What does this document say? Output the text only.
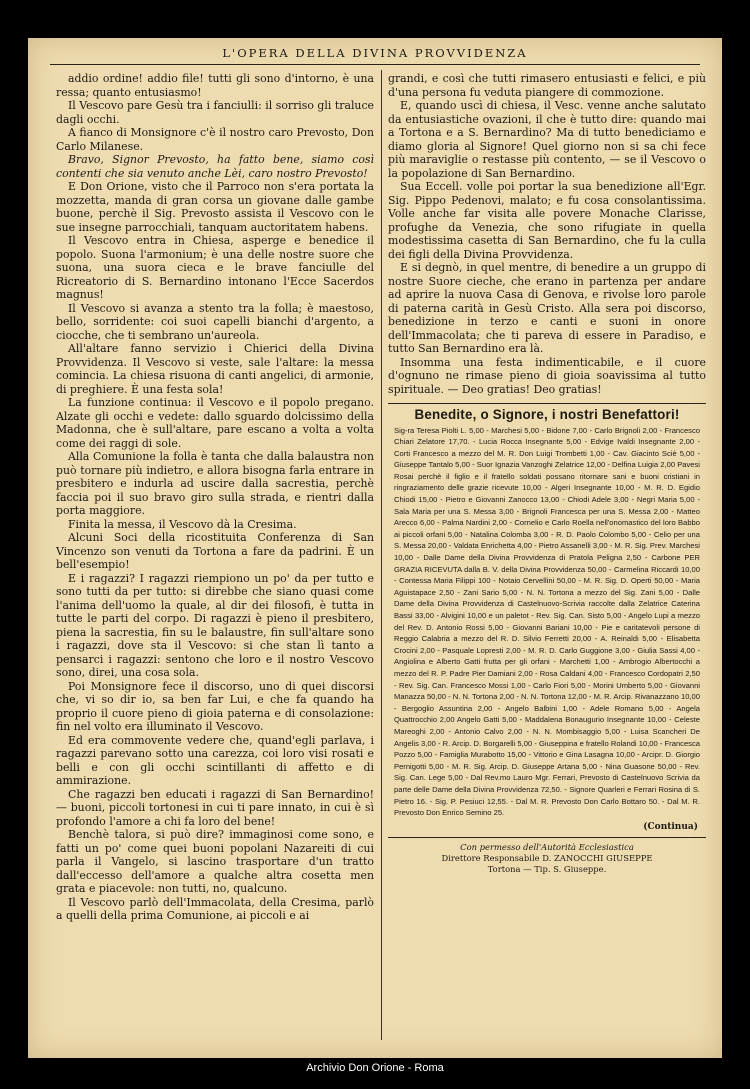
L'OPERA DELLA DIVINA PROVVIDENZA

addio ordine! addio file! tutti gli sono d'intorno, è una ressa; quanto entusiasmo!

Il Vescovo pare Gesù tra i fanciulli: il sorriso gli traluce dagli occhi.

A fianco di Monsignore c'è il nostro caro Prevosto, Don Carlo Milanese.

Bravo, Signor Prevosto, ha fatto bene, siamo così contenti che sia venuto anche Lèi, caro nostro Prevosto!

E Don Orione, visto che il Parroco non s'era portata la mozzetta, manda di gran corsa un giovane dalle gambe buone, perchè il Sig. Prevosto assista il Vescovo con le sue insegne parrocchiali, tanquam auctoritatem habens.

Il Vescovo entra in Chiesa, asperge e benedice il popolo. Suona l'armonium; è una delle nostre suore che suona, una suora cieca e le brave fanciulle del Ricreatorio di S. Bernardino intonano l'Ecce Sacerdos magnus!

Il Vescovo si avanza a stento tra la folla; è maestoso, bello, sorridente: coi suoi capelli bianchi d'argento, a ciocche, che ti sembrano un'aureola.

All'altare fanno servizio i Chierici della Divina Provvidenza. Il Vescovo si veste, sale l'altare: la messa comincia. La chiesa risuona di canti angelici, di armonie, di preghiere. È una festa sola!

La funzione continua: il Vescovo e il popolo pregano. Alzate gli occhi e vedete: dallo sguardo dolcissimo della Madonna, che è sull'altare, pare escano a volta a volta come dei raggi di sole.

Alla Comunione la folla è tanta che dalla balaustra non può tornare più indietro, e allora bisogna farla entrare in presbitero e indurla ad uscire dalla sacrestia, perchè faccia poi il suo bravo giro sulla strada, e rientri dalla porta maggiore.

Finita la messa, il Vescovo dà la Cresima.

Alcuni Soci della ricostituita Conferenza di San Vincenzo son venuti da Tortona a fare da padrini. È un bell'esempio!

E i ragazzi? I ragazzi riempiono un po' da per tutto e sono tutti da per tutto: si direbbe che siano quasi come l'anima dell'uomo la quale, al dir dei filosofi, è tutta in tutte le parti del corpo. Di ragazzi è pieno il presbitero, piena la sacrestia, fin su le balaustre, fin sull'altare sono i ragazzi, dove sta il Vescovo: si che stan lì tanto a pensarci i ragazzi: sentono che loro e il nostro Vescovo sono, direi, una cosa sola.

Poi Monsignore fece il discorso, uno di quei discorsi che, vi so dir io, sa ben far Lui, e che fa quando ha proprio il cuore pieno di gioia paterna e di consolazione: fin nel volto era illuminato il Vescovo.

Ed era commovente vedere che, quand'egli parlava, i ragazzi parevano sotto una carezza, coi loro visi rosati e belli e con gli occhi scintillanti di affetto e di ammirazione.

Che ragazzi ben educati i ragazzi di San Bernardino! — buoni, piccoli tortonesi in cui ti pare innato, in cui è sì profondo l'amore a chi fa loro del bene!

Benchè talora, si può dire? immaginosi come sono, e fatti un po' come quei buoni popolani Nazareiti di cui parla il Vangelo, si lascino trasportare d'un tratto dall'eccesso dell'amore a qualche altra cosetta men grata e piacevole: non tutti, no, qualcuno.

Il Vescovo parlò dell'Immacolata, della Cresima, parlò a quelli della prima Comunione, ai piccoli e ai

grandi, e così che tutti rimasero entusiasti e felici, e più d'una persona fu veduta piangere di commozione.

E, quando uscì di chiesa, il Vesc. venne anche salutato da entusiastiche ovazioni, il che è tutto dire: quando mai a Tortona e a S. Bernardino? Ma di tutto benediciamo e diamo gloria al Signore! Quel giorno non si sa chi fece più maraviglie o restasse più contento, — se il Vescovo o la popolazione di San Bernardino.

Sua Eccell. volle poi portar la sua benedizione all'Egr. Sig. Pippo Pedenovi, malato; e fu cosa consolantissima. Volle anche far visita alle povere Monache Clarisse, profughe da Venezia, che sono rifugiate in quella modestissima casetta di San Bernardino, che fu la culla dei figli della Divina Provvidenza.

E si degnò, in quel mentre, di benedire a un gruppo di nostre Suore cieche, che erano in partenza per andare ad aprire la nuova Casa di Genova, e rivolse loro parole di paterna carità in Gesù Cristo. Alla sera poi discorso, benedizione in terzo e canti e suoni in onore dell'Immacolata; che ti pareva di essere in Paradiso, e tutto San Bernardino era là.

Insomma una festa indimenticabile, e il cuore d'ognuno ne rimase pieno di gioia soavissima al tutto spirituale. — Deo gratias! Deo gratias!

Benedite, o Signore, i nostri Benefattori!
Sig-ra Teresa Piolti L. 5,00 - Marchesi 5,00 - Bidone 7,00 - Carlo Brignoli 2,00 - Francesco Chiari Zelatore 17,70. - Lucia Rocca Insegnante 5,00 - Edvige Ivaldi Insegnante 2,00 - Corti Francesco a mezzo del M. R. Don Luigi Trombetti 1,00 - Cav. Giacinto Sciè 5,00 - Giuseppe Tantalo 5,00 - Suor Ignazia Vanzoghi Zelatrice 12,00 - Delfina Luigia 2,00 Pavesi Rosai perchè il figlio e il fratello soldati possano ritornare sani e buoni cristiani in ringraziamento delle grazie ricevute 10,00 - Algeri Insegnante 10,00 - M. R. D. Egidio Chiodi 15,00 - Pietro e Giovanni Zanocco 13,00 - Chiodi Adele 3,00 - Negri Maria 5,00 - Sala Maria per una S. Messa 3,00 - Brignoli Francesca per una S. Messa 2,00 - Matteo Arecco 6,00 - Palma Nardini 2,00 - Cornelio e Carlo Roella nell'onomastico del loro Babbo ai piccoli orfani 5,00 - Natalina Colomba 3,00 - R. D. Paolo Colombo 5,00 - Celio per una S. Messa 20,00 - Valdata Enrichetta 4,00 - Pietro Assanelli 3,00 - M. R. Sig. Prev. Marchesi 10,00 - Dalle Dame della Divina Provvidenza di Pratola Peligna 2,50 - Carbone PER GRAZIA RICEVUTA dalla B. V. della Divina Provvidenza 50,00 - Carmelina Riccardi 10,00 - Contessa Maria Filippi 100 - Notaio Cervellini 50,00 - M. R. Sig. D. Operti 50,00 - Maria Aguistapace 2,50 - Zani Sario 5,00 - N. N. Tortona a mezzo del Sig. Zani 5,00 - Dalle Dame della Divina Provvidenza di Castelnuovo-Scrivia raccolte dalla Zelatrice Caterina Bassi 33,00 - Alvigini 10,00 e un paletot - Rev. Sig. Can. Sisto 5,00 - Angelo Lupi a mezzo del Rev. D. Antonio Rossi 5,00 - Giovanni Bariani 10,00 - Pie e caritatevoli persone di Reggio Calabria a mezzo del R. D. Silvio Ferretti 20,00 - A. Reinaldi 5,00 - Elisabetta Crocini 2,00 - Pasquale Lopresti 2,00 - M. R. D. Carlo Guggione 3,00 - Giulia Sassi 4,00 - Angiolina e Alberto Gatti frutta per gli orfani - Marchetti 1,00 - Ambrogio Albertocchi a mezzo del R. P. Padre Pier Damiani 2,00 - Rosa Caldani 4,00 - Francesco Cordopatri 2,50 - Rev. Sig. Can. Francesco Mossi 1,00 - Carlo Fiori 5,00 - Morini Umberto 5,00 - Giovanni Manazza 50,00 - N. N. Tortona 2,00 - N. N. Tortona 12,00 - M. R. Arcip. Rivanazzano 10,00 - Bergoglio Assuntina 2,00 - Angelo Balbini 1,00 - Adele Romano 5,00 - Angela Quattrocchio 2,00 Angelo Gatti 5,00 - Maddalena Bonaugurio Insegnante 10,00 - Celeste Mareoghi 2,00 - Antonio Calvo 2,00 - N. N. Mombisaggio 5,00 - Luisa Scancheri De Angelis 3,00 - R. Arcip. D. Borgarelli 5,00 - Giuseppina e fratello Rolandi 10,00 - Francesca Pozzo 5,00 - Famiglia Murabotto 15,00 - Vittorio e Gina Lasagna 10,00 - Arcipr. D. Giorgio Pernigotti 5,00 - M. R. Sig. Arcip. D. Giuseppe Artana 5,00 - Nina Guasone 50,00 - Rev. Sig. Can. Lege 5,00 - Dal Rev.mo Lauro Mgr. Ferrari, Prevosto di Castelnuovo Scrivia da parte delle Dame della Divina Provvidenza 72,50. - Signore Quarleri e Ferrari Rosina di S. Pietro 16. - Sig. P. Pesiuci 12,55. - Dal M. R. Prevosto Don Carlo Bottaro 50. - Dal M. R. Prevosto Don Enrico Semino 25.
(Continua)
Con permesso dell'Autorità Ecclesiastica
Direttore Responsabile D. ZANOCCHI GIUSEPPE
Tortona — Tip. S. Giuseppe.
Archivio Don Orione - Roma
